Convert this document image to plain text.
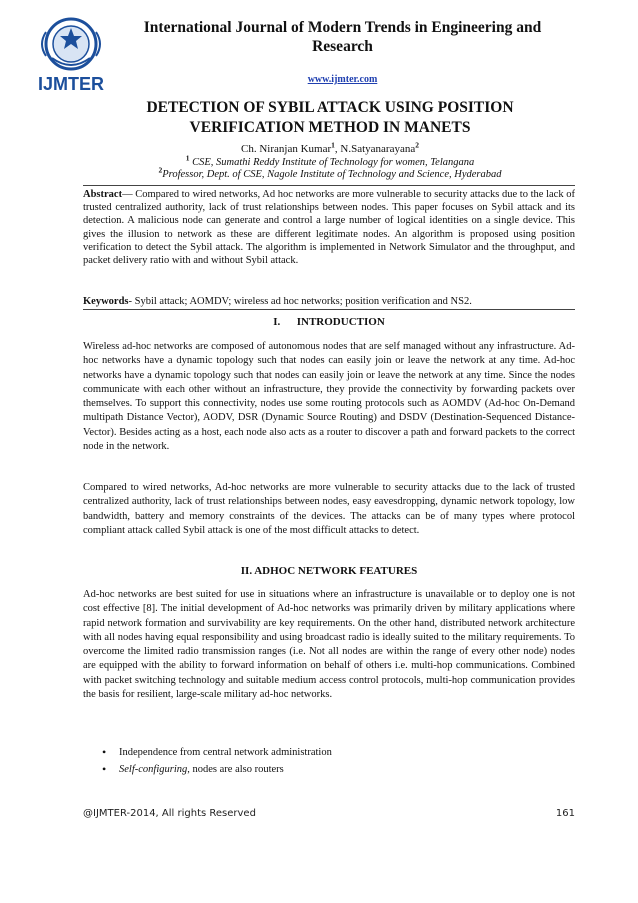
IJMTER
International Journal of Modern Trends in Engineering and Research
www.ijmter.com
DETECTION OF SYBIL ATTACK USING POSITION VERIFICATION METHOD IN MANETS
Ch. Niranjan Kumar$^1$, N.Satyanarayana$^2$
$^1$ CSE, Sumathi Reddy Institute of Technology for women, Telangana
$^2$Professor, Dept. of CSE, Nagole Institute of Technology and Science, Hyderabad
Abstract— Compared to wired networks, Ad hoc networks are more vulnerable to security attacks due to the lack of trusted centralized authority, lack of trust relationships between nodes. This paper focuses on Sybil attack and its detection. A malicious node can generate and control a large number of logical identities on a single device. This gives the illusion to network as these are different legitimate nodes. An algorithm is proposed using position verification to detect the Sybil attack. The algorithm is implemented in Network Simulator and the throughput, and packet delivery ratio with and without Sybil attack.
Keywords- Sybil attack; AOMDV; wireless ad hoc networks; position verification and NS2.
I.      INTRODUCTION
Wireless ad-hoc networks are composed of autonomous nodes that are self managed without any infrastructure. Ad-hoc networks have a dynamic topology such that nodes can easily join or leave the network at any time. Ad-hoc networks have a dynamic topology such that nodes can easily join or leave the network at any time. Since the nodes communicate with each other without an infrastructure, they provide the connectivity by forwarding packets over themselves. To support this connectivity, nodes use some routing protocols such as AOMDV (Ad-hoc On-Demand multipath Distance Vector), AODV, DSR (Dynamic Source Routing) and DSDV (Destination-Sequenced Distance-Vector). Besides acting as a host, each node also acts as a router to discover a path and forward packets to the correct node in the network.
Compared to wired networks, Ad-hoc networks are more vulnerable to security attacks due to the lack of trusted centralized authority, lack of trust relationships between nodes, easy eavesdropping, dynamic network topology, low bandwidth, battery and memory constraints of the devices. The attacks can be of many types where protocol compliant attack called Sybil attack is one of the most difficult attacks to detect.
II. ADHOC NETWORK FEATURES
Ad-hoc networks are best suited for use in situations where an infrastructure is unavailable or to deploy one is not cost effective [8]. The initial development of Ad-hoc networks was primarily driven by military applications where rapid network formation and survivability are key requirements. On the other hand, distributed network architecture with all nodes having equal responsibility and using broadcast radio is ideally suited to the military requirements. To overcome the limited radio transmission ranges (i.e. Not all nodes are within the range of every other node) nodes are equipped with the ability to forward information on behalf of others i.e. multi-hop communications. Combined with packet switching technology and suitable medium access control protocols, multi-hop communication provides the basis for resilient, large-scale military ad-hoc networks.
• Independence from central network administration
• Self-configuring, nodes are also routers
@IJMTER-2014, All rights Reserved	161
